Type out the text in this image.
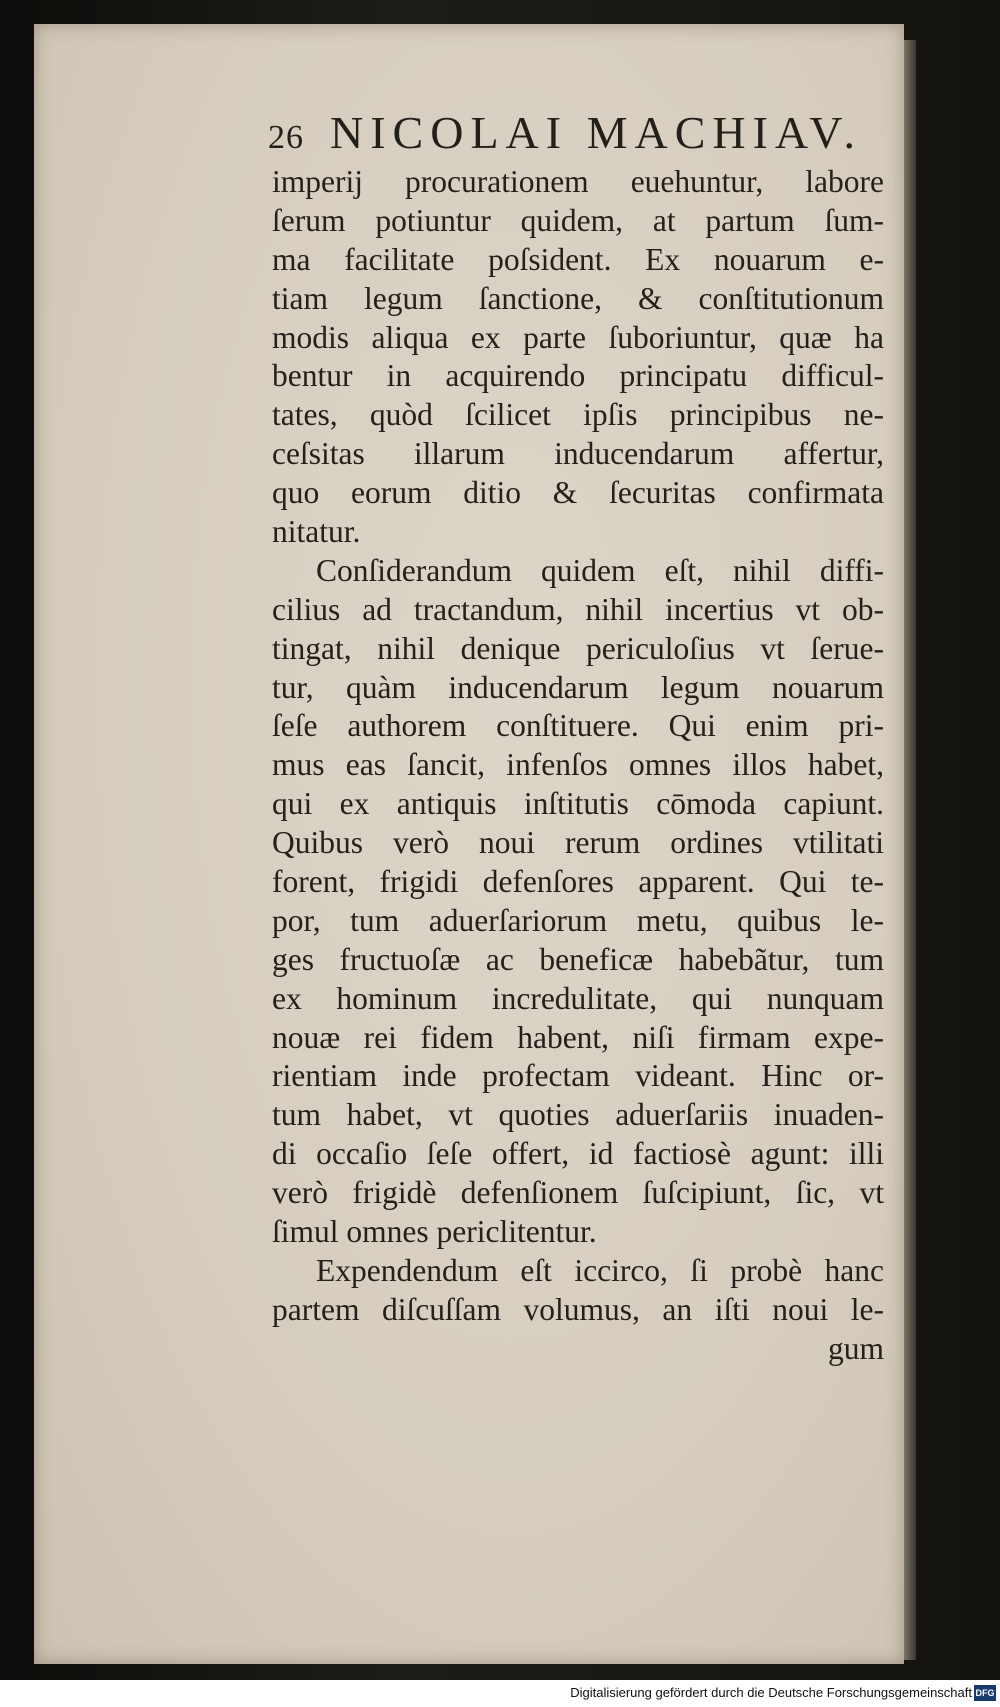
26 NICOLAI MACHIAV.
imperij procurationem euehuntur, labore
ſerum potiuntur quidem, at partum ſum-
ma facilitate poſsident. Ex nouarum e-
tiam legum ſanctione, & conſtitutionum
modis aliqua ex parte ſuboriuntur, quæ ha
bentur in acquirendo principatu difficul-
tates, quòd ſcilicet ipſis principibus ne-
ceſsitas illarum inducendarum affertur,
quo eorum ditio & ſecuritas confirmata
nitatur.
Conſiderandum quidem eſt, nihil diffi-
cilius ad tractandum, nihil incertius vt ob-
tingat, nihil denique periculoſius vt ſerue-
tur, quàm inducendarum legum nouarum
ſeſe authorem conſtituere. Qui enim pri-
mus eas ſancit, infenſos omnes illos habet,
qui ex antiquis inſtitutis cōmoda capiunt.
Quibus verò noui rerum ordines vtilitati
forent, frigidi defenſores apparent. Qui te-
por, tum aduerſariorum metu, quibus le-
ges fructuoſæ ac beneficæ habebãtur, tum
ex hominum incredulitate, qui nunquam
nouæ rei fidem habent, niſi firmam expe-
rientiam inde profectam videant. Hinc or-
tum habet, vt quoties aduerſariis inuaden-
di occaſio ſeſe offert, id factiosè agunt: illi
verò frigidè defenſionem ſuſcipiunt, ſic, vt
ſimul omnes periclitentur.
Expendendum eſt iccirco, ſi probè hanc
partem diſcuſſam volumus, an iſti noui le-
gum
Digitalisierung gefördert durch die Deutsche Forschungsgemeinschaft DFG
